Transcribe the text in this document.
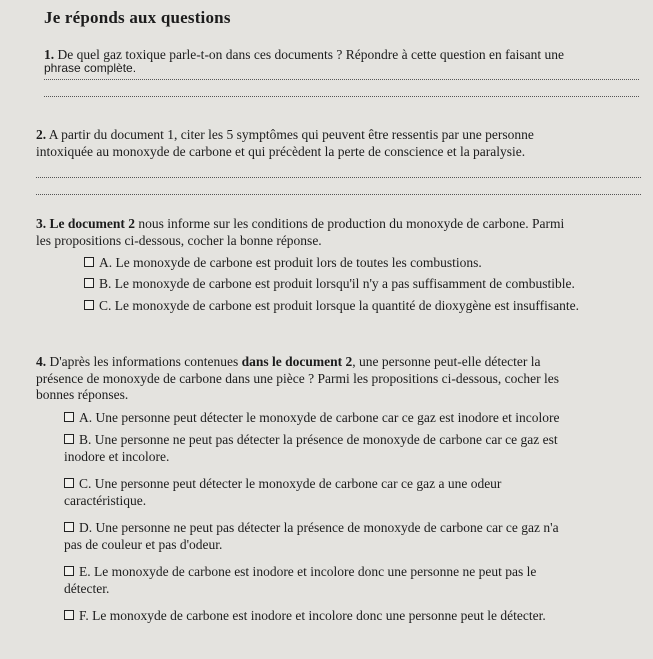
Je réponds aux questions
1. De quel gaz toxique parle-t-on dans ces documents ? Répondre à cette question en faisant une
phrase complète.
2. A partir du document 1, citer les 5 symptômes qui peuvent être ressentis par une personne
intoxiquée au monoxyde de carbone et qui précèdent la perte de conscience et la paralysie.
3. Le document 2 nous informe sur les conditions de production du monoxyde de carbone. Parmi
les propositions ci-dessous, cocher la bonne réponse.
A. Le monoxyde de carbone est produit lors de toutes les combustions.
B. Le monoxyde de carbone est produit lorsqu'il n'y a pas suffisamment de combustible.
C. Le monoxyde de carbone est produit lorsque la quantité de dioxygène est insuffisante.
4. D'après les informations contenues dans le document 2, une personne peut-elle détecter la
présence de monoxyde de carbone dans une pièce ? Parmi les propositions ci-dessous, cocher les
bonnes réponses.
A. Une personne peut détecter le monoxyde de carbone car ce gaz est inodore et incolore
B. Une personne ne peut pas détecter la présence de monoxyde de carbone car ce gaz est
inodore et incolore.
C. Une personne peut détecter le monoxyde de carbone car ce gaz a une odeur
caractéristique.
D. Une personne ne peut pas détecter la présence de monoxyde de carbone car ce gaz n'a
pas de couleur et pas d'odeur.
E. Le monoxyde de carbone est inodore et incolore donc une personne ne peut pas le
détecter.
F. Le monoxyde de carbone est inodore et incolore donc une personne peut le détecter.
